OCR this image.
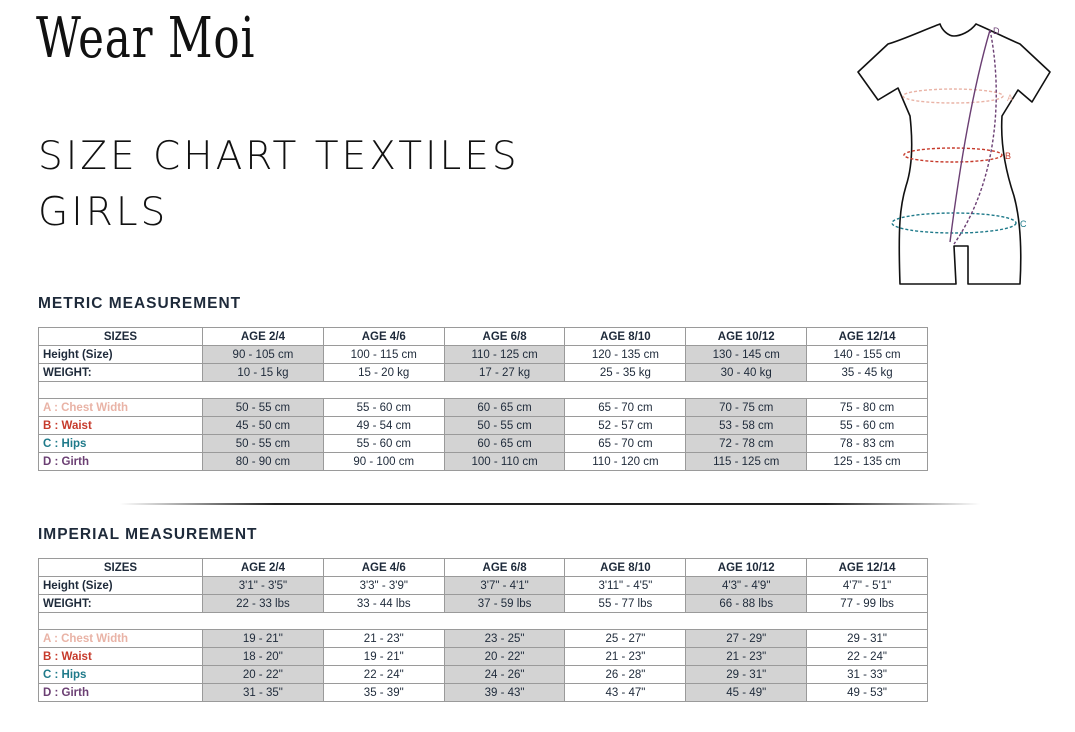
Wear Moi
SIZE CHART TEXTILES
GIRLS
D
A
B
C
METRIC MEASUREMENT
SIZES	AGE 2/4	AGE 4/6	AGE 6/8	AGE 8/10	AGE 10/12	AGE 12/14
Height (Size)	90 - 105 cm	100 - 115 cm	110 - 125 cm	120 - 135 cm	130 - 145 cm	140 - 155 cm
WEIGHT:	10 - 15 kg	15 - 20 kg	17 - 27 kg	25 - 35 kg	30 - 40 kg	35 - 45 kg

A : Chest Width	50 - 55 cm	55 - 60 cm	60 - 65 cm	65 - 70 cm	70 - 75 cm	75 - 80 cm
B : Waist	45 - 50 cm	49 - 54 cm	50 - 55 cm	52 - 57 cm	53 - 58 cm	55 - 60 cm
C : Hips	50 - 55 cm	55 - 60 cm	60 - 65 cm	65 - 70 cm	72 - 78 cm	78 - 83 cm
D : Girth	80 - 90 cm	90 - 100 cm	100 - 110 cm	110 - 120 cm	115 - 125 cm	125 - 135 cm
IMPERIAL MEASUREMENT
SIZES	AGE 2/4	AGE 4/6	AGE 6/8	AGE 8/10	AGE 10/12	AGE 12/14
Height (Size)	3'1" - 3'5"	3'3" - 3'9"	3'7" - 4'1"	3'11" - 4'5"	4'3" - 4'9"	4'7" - 5'1"
WEIGHT:	22 - 33 lbs	33 - 44 lbs	37 - 59 lbs	55 - 77 lbs	66 - 88 lbs	77 - 99 lbs

A : Chest Width	19 - 21''	21 - 23"	23 - 25"	25 - 27"	27 - 29"	29 - 31"
B : Waist	18 - 20''	19 - 21"	20 - 22"	21 - 23"	21 - 23"	22 - 24"
C : Hips	20 - 22''	22 - 24"	24 - 26"	26 - 28"	29 - 31"	31 - 33"
D : Girth	31 - 35"	35 - 39"	39 - 43"	43 - 47"	45 - 49"	49 - 53"
